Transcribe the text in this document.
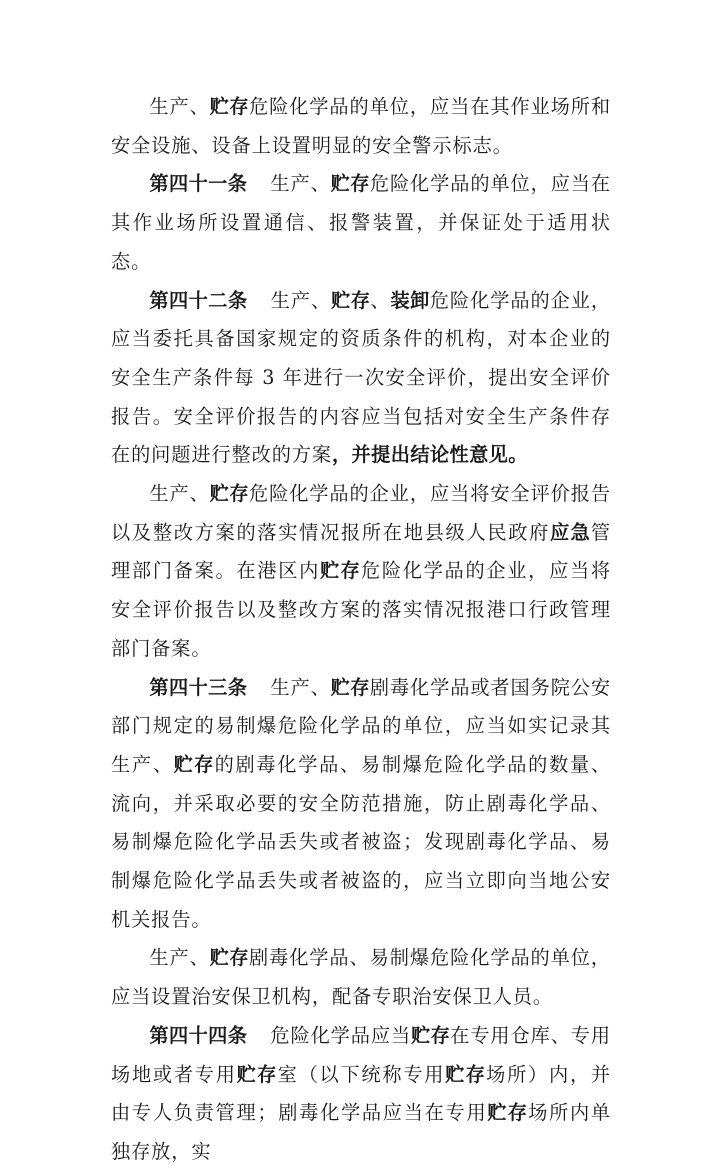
生产、贮存危险化学品的单位，应当在其作业场所和安全设施、设备上设置明显的安全警示标志。

第四十一条 生产、贮存危险化学品的单位，应当在其作业场所设置通信、报警装置，并保证处于适用状态。

第四十二条 生产、贮存、装卸危险化学品的企业，应当委托具备国家规定的资质条件的机构，对本企业的安全生产条件每 3 年进行一次安全评价，提出安全评价报告。安全评价报告的内容应当包括对安全生产条件存在的问题进行整改的方案，并提出结论性意见。

生产、贮存危险化学品的企业，应当将安全评价报告以及整改方案的落实情况报所在地县级人民政府应急管理部门备案。在港区内贮存危险化学品的企业，应当将安全评价报告以及整改方案的落实情况报港口行政管理部门备案。

第四十三条 生产、贮存剧毒化学品或者国务院公安部门规定的易制爆危险化学品的单位，应当如实记录其生产、贮存的剧毒化学品、易制爆危险化学品的数量、流向，并采取必要的安全防范措施，防止剧毒化学品、易制爆危险化学品丢失或者被盗；发现剧毒化学品、易制爆危险化学品丢失或者被盗的，应当立即向当地公安机关报告。

生产、贮存剧毒化学品、易制爆危险化学品的单位，应当设置治安保卫机构，配备专职治安保卫人员。

第四十四条 危险化学品应当贮存在专用仓库、专用场地或者专用贮存室（以下统称专用贮存场所）内，并由专人负责管理；剧毒化学品应当在专用贮存场所内单独存放，实
